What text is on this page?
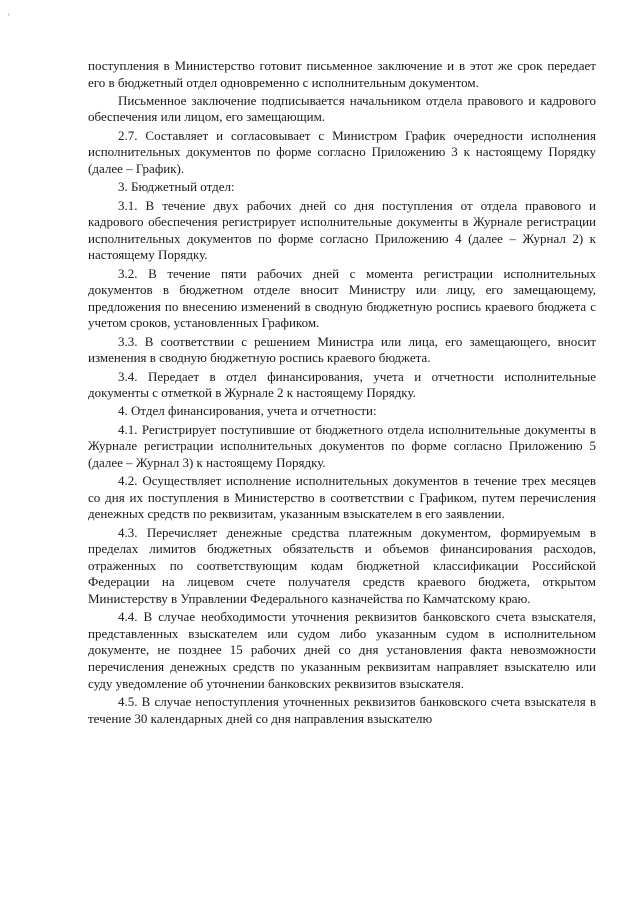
'

поступления в Министерство готовит письменное заключение и в этот же срок передает его в бюджетный отдел одновременно с исполнительным документом.

Письменное заключение подписывается начальником отдела правового и кадрового обеспечения или лицом, его замещающим.

2.7. Составляет и согласовывает с Министром График очередности исполнения исполнительных документов по форме согласно Приложению 3 к настоящему Порядку (далее – График).

3. Бюджетный отдел:

3.1. В течение двух рабочих дней со дня поступления от отдела правового и кадрового обеспечения регистрирует исполнительные документы в Журнале регистрации исполнительных документов по форме согласно Приложению 4 (далее – Журнал 2) к настоящему Порядку.

3.2. В течение пяти рабочих дней с момента регистрации исполнительных документов в бюджетном отделе вносит Министру или лицу, его замещающему, предложения по внесению изменений в сводную бюджетную роспись краевого бюджета с учетом сроков, установленных Графиком.

3.3. В соответствии с решением Министра или лица, его замещающего, вносит изменения в сводную бюджетную роспись краевого бюджета.

3.4. Передает в отдел финансирования, учета и отчетности исполнительные документы с отметкой в Журнале 2 к настоящему Порядку.

4. Отдел финансирования, учета и отчетности:

4.1. Регистрирует поступившие от бюджетного отдела исполнительные документы в Журнале регистрации исполнительных документов по форме согласно Приложению 5 (далее – Журнал 3) к настоящему Порядку.

4.2. Осуществляет исполнение исполнительных документов в течение трех месяцев со дня их поступления в Министерство в соответствии с Графиком, путем перечисления денежных средств по реквизитам, указанным взыскателем в его заявлении.

4.3. Перечисляет денежные средства платежным документом, формируемым в пределах лимитов бюджетных обязательств и объемов финансирования расходов, отраженных по соответствующим кодам бюджетной классификации Российской Федерации на лицевом счете получателя средств краевого бюджета, открытом Министерству в Управлении Федерального казначейства по Камчатскому краю.

4.4. В случае необходимости уточнения реквизитов банковского счета взыскателя, представленных взыскателем или судом либо указанным судом в исполнительном документе, не позднее 15 рабочих дней со дня установления факта невозможности перечисления денежных средств по указанным реквизитам направляет взыскателю или суду уведомление об уточнении банковских реквизитов взыскателя.

4.5. В случае непоступления уточненных реквизитов банковского счета взыскателя в течение 30 календарных дней со дня направления взыскателю
